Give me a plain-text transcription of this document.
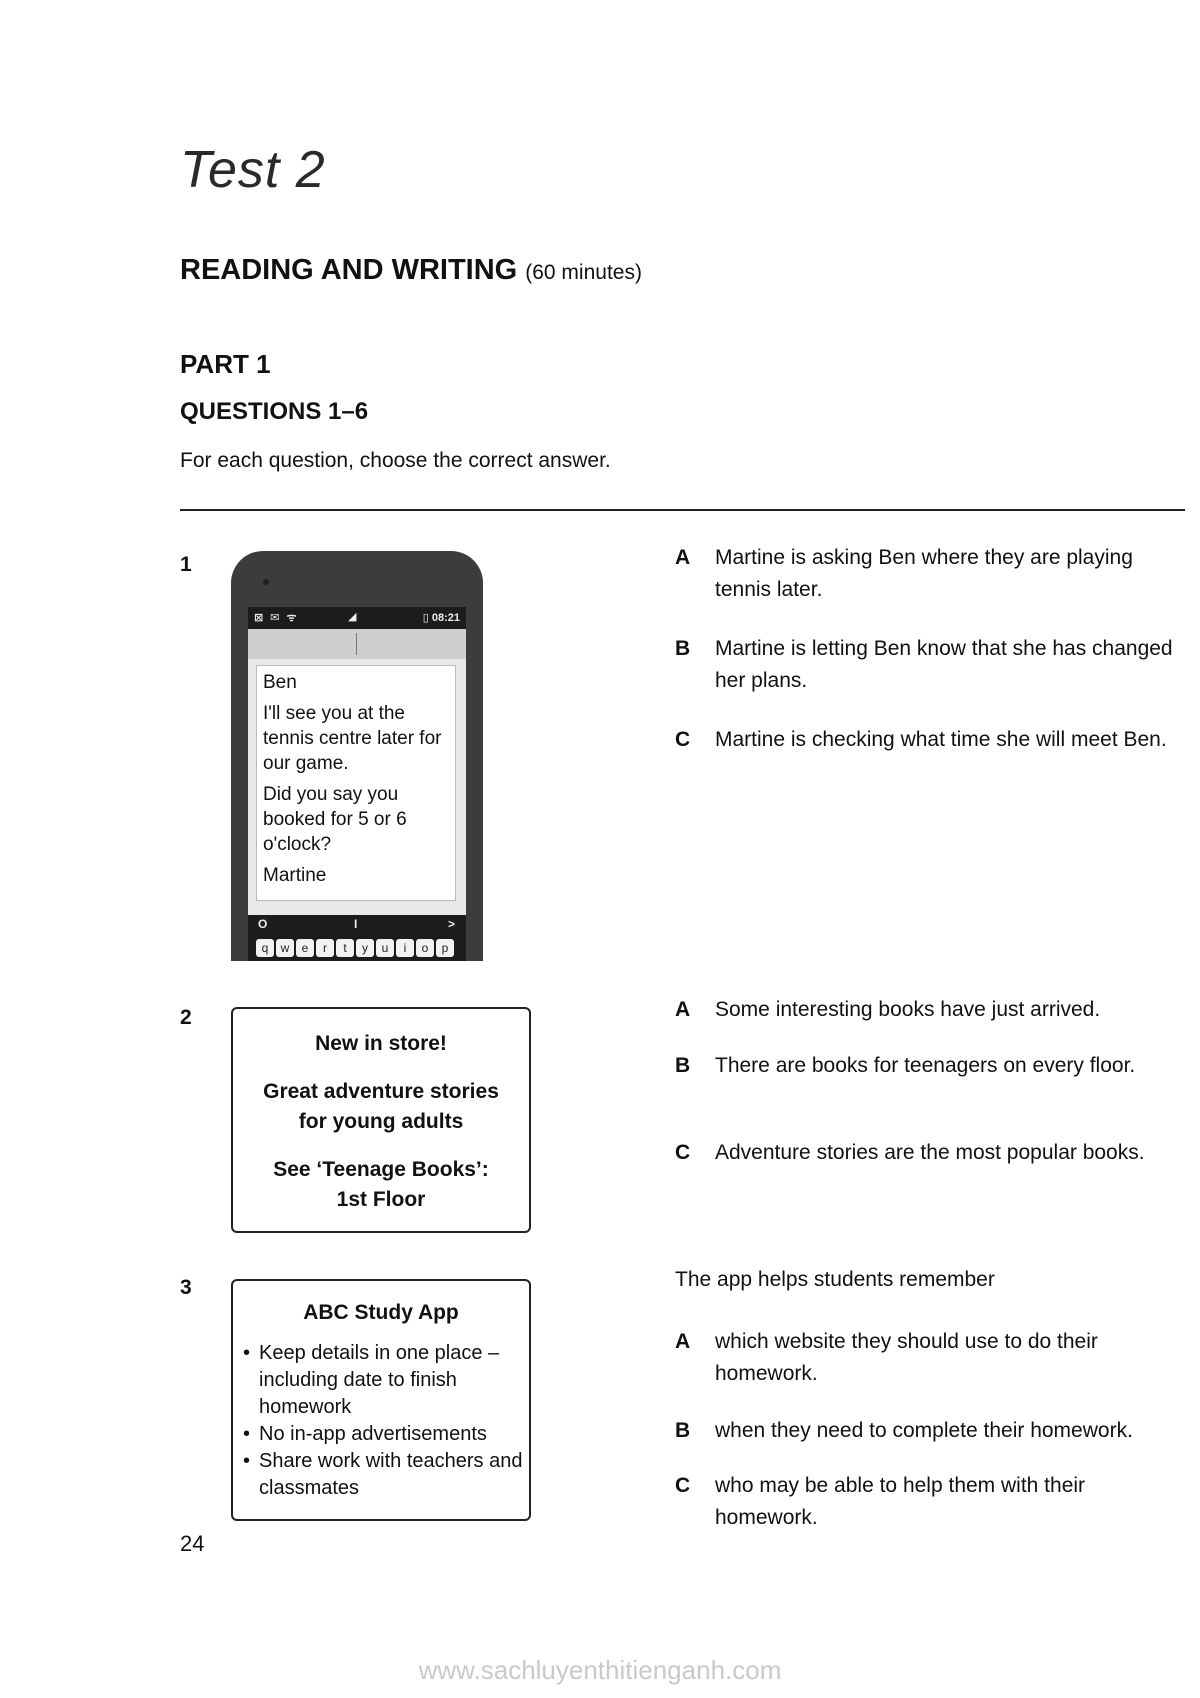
Test 2
READING AND WRITING (60 minutes)
PART 1
QUESTIONS 1–6
For each question, choose the correct answer.
1
⊠ ✉ ᯤ	◢	▯ 08:21

Ben

I'll see you at the tennis centre later for our game.

Did you say you booked for 5 or 6 o'clock?

Martine

O	I	>
q	w	e	r	t	y	u	i	o	p
A Martine is asking Ben where they are playing tennis later.
B Martine is letting Ben know that she has changed her plans.
C Martine is checking what time she will meet Ben.
2

New in store!

Great adventure stories for young adults

See ‘Teenage Books’: 1st Floor

A Some interesting books have just arrived.
B There are books for teenagers on every floor.
C Adventure stories are the most popular books.
3
ABC Study App
• Keep details in one place – including date to finish homework
• No in-app advertisements
• Share work with teachers and classmates
The app helps students remember
A which website they should use to do their homework.
B when they need to complete their homework.
C who may be able to help them with their homework.
24
www.sachluyenthitienganh.com
